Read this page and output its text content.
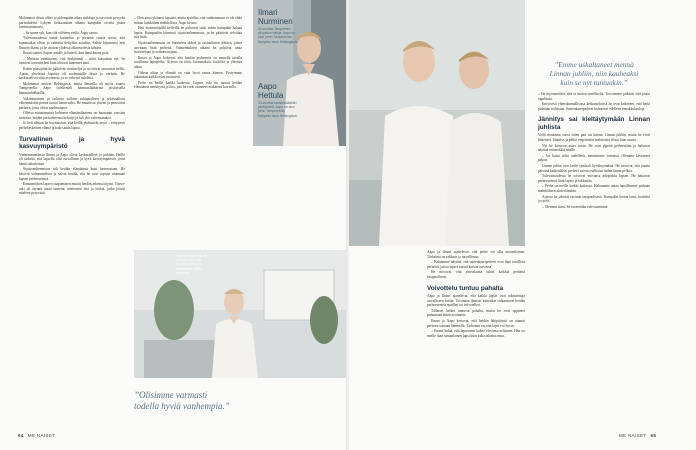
Molemmat olivat olleet jo pidempään aikaa sinkkuja ja toivoivat pysyvää parisuhdetta. Lyhyen kohtaamisen aikana kumpikin oivalsi jotain tuntemattomasta.

– Se tunne syli, kun sitä viihteen vieltä, Aapo sanoo.

Tulevaisuudessa häntä kuitenkin jo pienenä suurta arvoa, että kummatkin olivat jo valmiita tiettyihin asioihin. Suhde käynnistyi heti Ilmarin iltana, ja he asuivat yhdessä alkuvuodesta lähtien.

Ilmari saattoi Aapon autolle ja katseli, kun tämä kaarsi pois.

– Muistan miettineeni, että herkimmät – niitä kutsutaan nyt, he tunsivat toisensa heti kuin olisivat tunteneet aina.

Kotiin päästyään he jatkoivat viestittelyä ja sovittivat seuraavat treffit. Ajatus yhteisistä lapsista oli molemmille läsnä jo varhain. He keskustelivat siitä avoimesti, ja se vahvisti suhdetta.

Molemmat asuivat Helsingissä, mutta Ilmarilla oli myös asunto Tampereella. Aapo työskenteli hammaslääkärinä yksityisellä hammaslääkärillä.

Vakiintuminen ja ratkaisu sulloen sukupuolisen ja seksuaalisen vähemmistön parina tuntui luontevalta. He muuttivat yhteen ja perustivat perheen, josta olivat unelmoineet.

Ollessa muuttamassa kolmeen elämäntilanteen on haastanut vuosien saatossa, heidän parisuhteensa kehittyi ja tuli yhä vahvemmaksi.

Jo heti alkuun he huomasivat, että heillä yhdistävät arvot – erityisesti perhekeskeinen elämä ja halu saada lapsia.

Turvallinen ja hyvä kasvuympäristö

Vanhemmuudesta Ilmari ja Aapo olivat keskustelleet jo pitkään. Heille oli tärkeää, että lapsella olisi turvallinen ja hyvä kasvuympäristö, jossa häntä rakastetaan.

Sijaisvanhemmuus tuli heidän elämäänsä kuin luonnostaan. He kävivät valmennuksen ja saivat kuulla, että he ovat sopivia ottamaan lapsen perheeseensä.

Ensimmäisen lapsen saapuminen muutti heidän arkensa täysin. Vauva-arki oli täynnä uusia tunteita, unettomia öitä ja hetkiä, jotka jäävät mieleen pysyvästi.

– Olen aina tykännyt lapsista, mutta ajatellut, että vanhemmuus ei ole ehkä minun kohdallani mahdollista, Aapo kertoo.

Heti ensimmäisillä treffeillä he puhuivat siitä, miten kumpikin haluaa lapsia. Kumpaakin kiinnosti sijaisvanhemmuus, ja he päättivät selvittää sitä lisää.

Sijaisvanhemmuus on Suomessa tärkeä ja vastuullinen tehtävä, johon tarvitaan lisää perheitä. Valmennuksen aikana he pohtivat omia motiivejaan ja voimavarojaan.

Ilmari ja Aapo kokevat, että heidän perheensä on monella tavalla tavallinen lapsiperhe. Arjessa on töitä, harrastuksia, kotitöitä ja yhteistä aikaa.

Oikeaa aikaa ja elämää on vain hyvä sanoa ääneen. Pystyimme jakamaan kaikki asiat avoimesti.

Perhe on heille kaikki kaikessa. Lapsen tulo on tuonut heidän elämäänsä merkitystä ja iloa, jota he eivät osanneet etukäteen kuvitella.

”Olisimme varmasti
todella hyviä vanhempia.”
Ilmari
Nurminen
34-vuotias Tampereen yliopiston tutkija. Aapo on alun perin Tampereelta. Nykyään asuu Helsingissä.
Aapo
Hettula
33-vuotias hammaslääkäri yksityisellä. Aapo on alun perin Tampereelta. Nykyään asuu Helsingissä.
Aapo ja Ilmari käyvät yhdessä kävelyllä. Heidän kotinsa on rauhallinen paikka perheelle.
64 ME NAISET

Aapo ja Ilmari ajattelevat, että perhe voi olla monenlainen. Tärkeintä on rakkaus ja turvallisuus.

– Haluamme näyttää, että sateenkaariperheet ovat ihan tavallisia perheitä, joissa lapset saavat kasvaa turvassa.

He toivovat, että yhteiskunta tukisi kaikkia perheitä tasapuolisesti.

Voivottelu tuntuu pahalta

Aapo ja Ilmari ajattelevat, että kaikki lapset ovat oikeutettuja turvalliseen kotiin. Toisinaan ihmiset kuitenkin suhtautuvat heidän perheeseensä epäillen tai voivotellen.

Tällaiset hetket tuntuvat pahalta, mutta he ovat oppineet puhumaan niistä avoimesti.

Ilmari ja Aapo kertovat, että heidän lähipiirinsä on ottanut perheen vastaan lämmöllä. Tärkeintä on, että lapsi voi hyvin.

– Emme halua, että lapsemme kokee olevansa erilainen. Hän on meille ihan samanlainen lapsi kuin kuka tahansa muu.

”Emme uskaltaneet mennä
Linnan juhliin, niin kauheaksi
kuin se nyt tuntuukin.”

– On myönnettävä, että se tuntuu surulliselta. Toivoimme pitkään, että jotain tapahtuisi.

Erityisesti yhteiskunnallisissa keskusteluissa he ovat kokeneet, että heitä pidetään erilaisina. Sateenkaariperheet kohtaavat edelleen ennakkoluuloja.

Jännitys sai kieltäytymään Linnan juhlista

Vielä muutama vuosi sitten pari sai kutsun Linnan juhliin, mutta he eivät lähteneet. Jännitys ja pelko ympäristön reaktioista olivat liian suuria.

Nyt he katsovat asiaa toisin. He ovat ylpeitä perheestään ja haluavat näyttää esimerkkiä muille.

– Jos kutsu tulisi uudelleen, menisimme varmasti. Olemme kasvaneet paljon.

Linnan juhlat ovat heille symboli hyväksynnästä. He toivovat, että jonain päivänä kaikenlaiset perheet voivat osallistua niihin ilman pelkoa.

Tulevaisuudessa he toivovat voivansa adoptoida lapsen. He haluavat perheeseensä lisää lapsia ja rakkautta.

– Perhe on meille kaikki kaikessa. Haluamme antaa lapsillemme parhaan mahdollisen alun elämään.

Arjessa he jakavat vastuun tasapuolisesti. Kumpikin hoitaa lasta, kotitöitä ja työtä.

– Olemme tiimi. Se on meidän vahvuutemme.

ME NAISET 65
